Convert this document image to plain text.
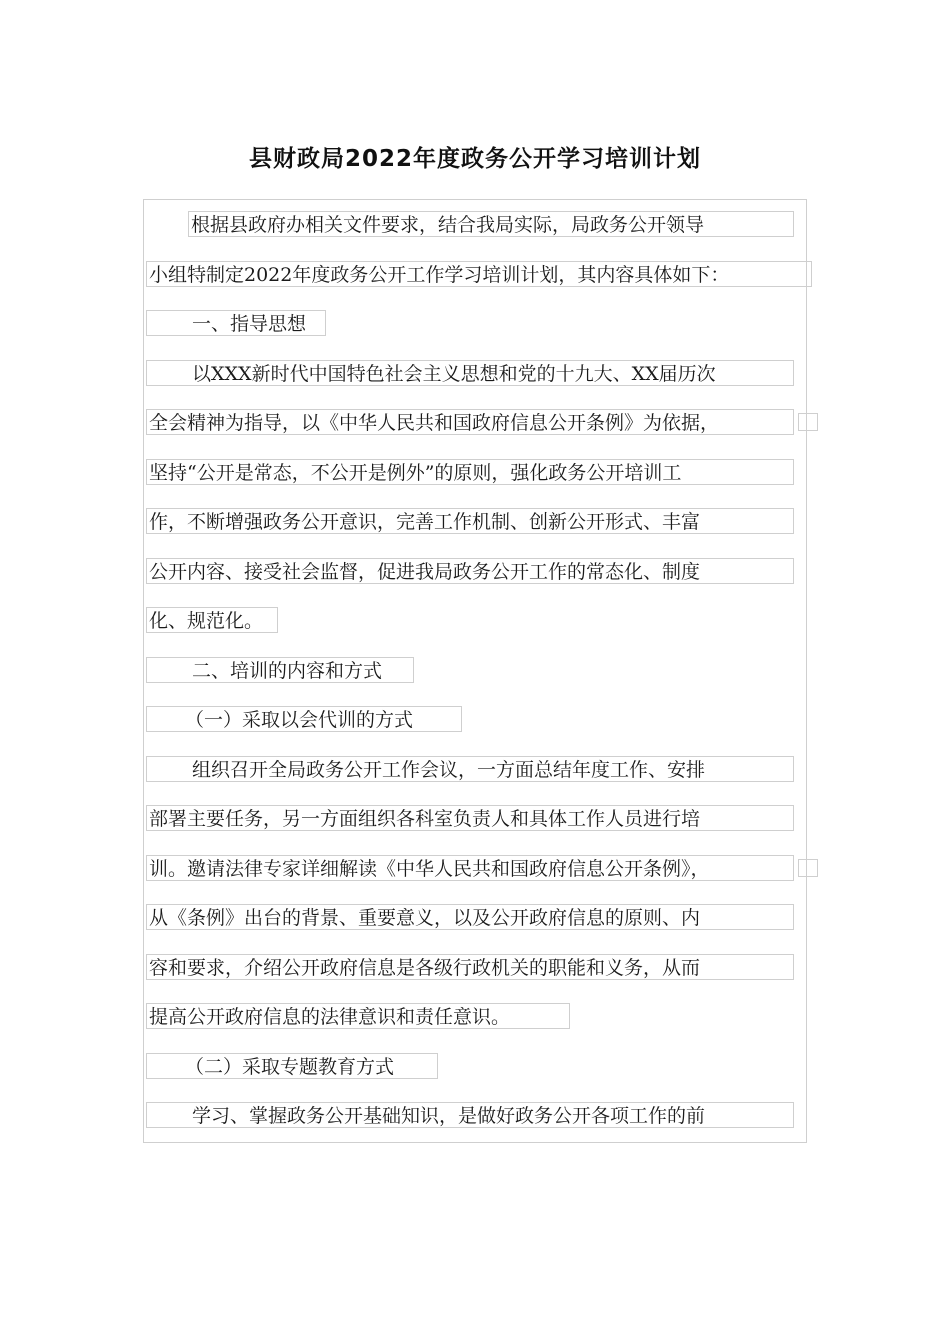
县财政局2022年度政务公开学习培训计划
根据县政府办相关文件要求，结合我局实际，局政务公开领导
小组特制定2022年度政务公开工作学习培训计划，其内容具体如下：
一、指导思想
以XXX新时代中国特色社会主义思想和党的十九大、XX届历次
全会精神为指导，以《中华人民共和国政府信息公开条例》为依据，
坚持“公开是常态，不公开是例外”的原则，强化政务公开培训工
作，不断增强政务公开意识，完善工作机制、创新公开形式、丰富
公开内容、接受社会监督，促进我局政务公开工作的常态化、制度
化、规范化。
二、培训的内容和方式
（一）采取以会代训的方式
组织召开全局政务公开工作会议，一方面总结年度工作、安排
部署主要任务，另一方面组织各科室负责人和具体工作人员进行培
训。邀请法律专家详细解读《中华人民共和国政府信息公开条例》，
从《条例》出台的背景、重要意义，以及公开政府信息的原则、内
容和要求，介绍公开政府信息是各级行政机关的职能和义务，从而
提高公开政府信息的法律意识和责任意识。
（二）采取专题教育方式
学习、掌握政务公开基础知识，是做好政务公开各项工作的前
